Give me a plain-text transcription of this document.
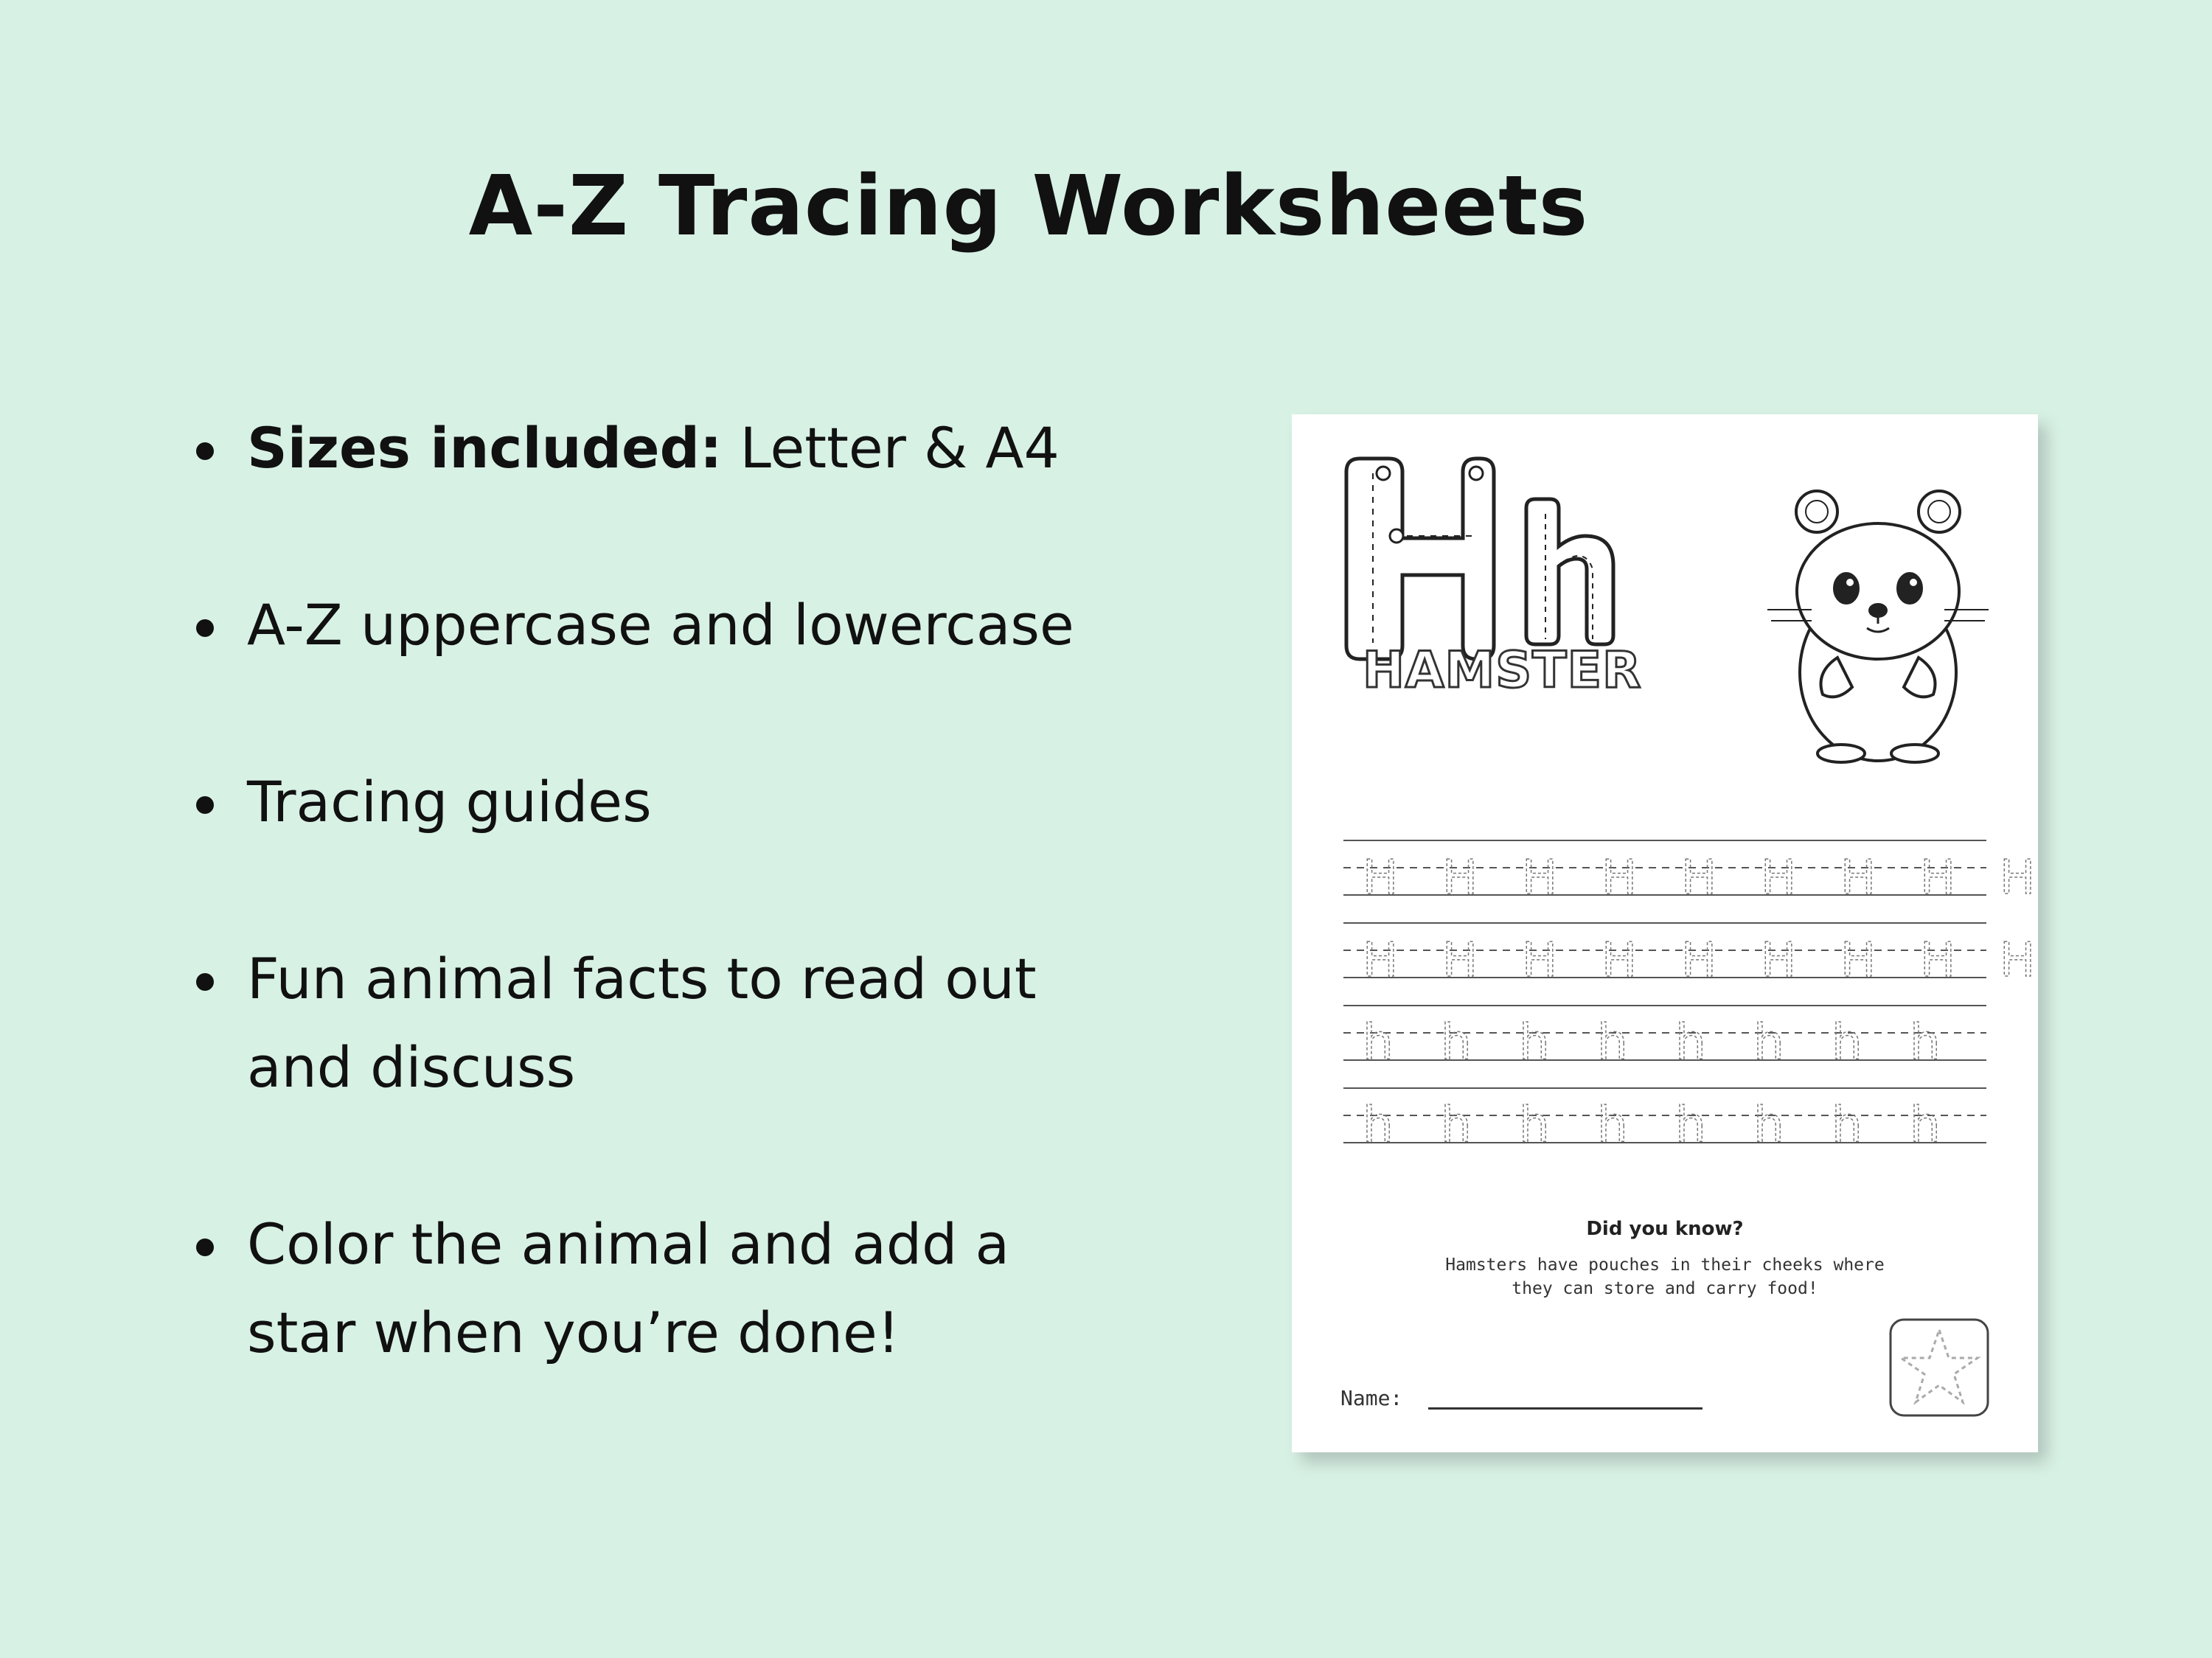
A-Z Tracing Worksheets
Sizes included: Letter & A4
A-Z uppercase and lowercase
Tracing guides
Fun animal facts to read out and discuss
Color the animal and add a star when you’re done!
HAMSTER
H H H H H H H H H
H H H H H H H H H
h h h h h h h h
h h h h h h h h
Did you know?
Hamsters have pouches in their cheeks where they can store and carry food!
Name:
